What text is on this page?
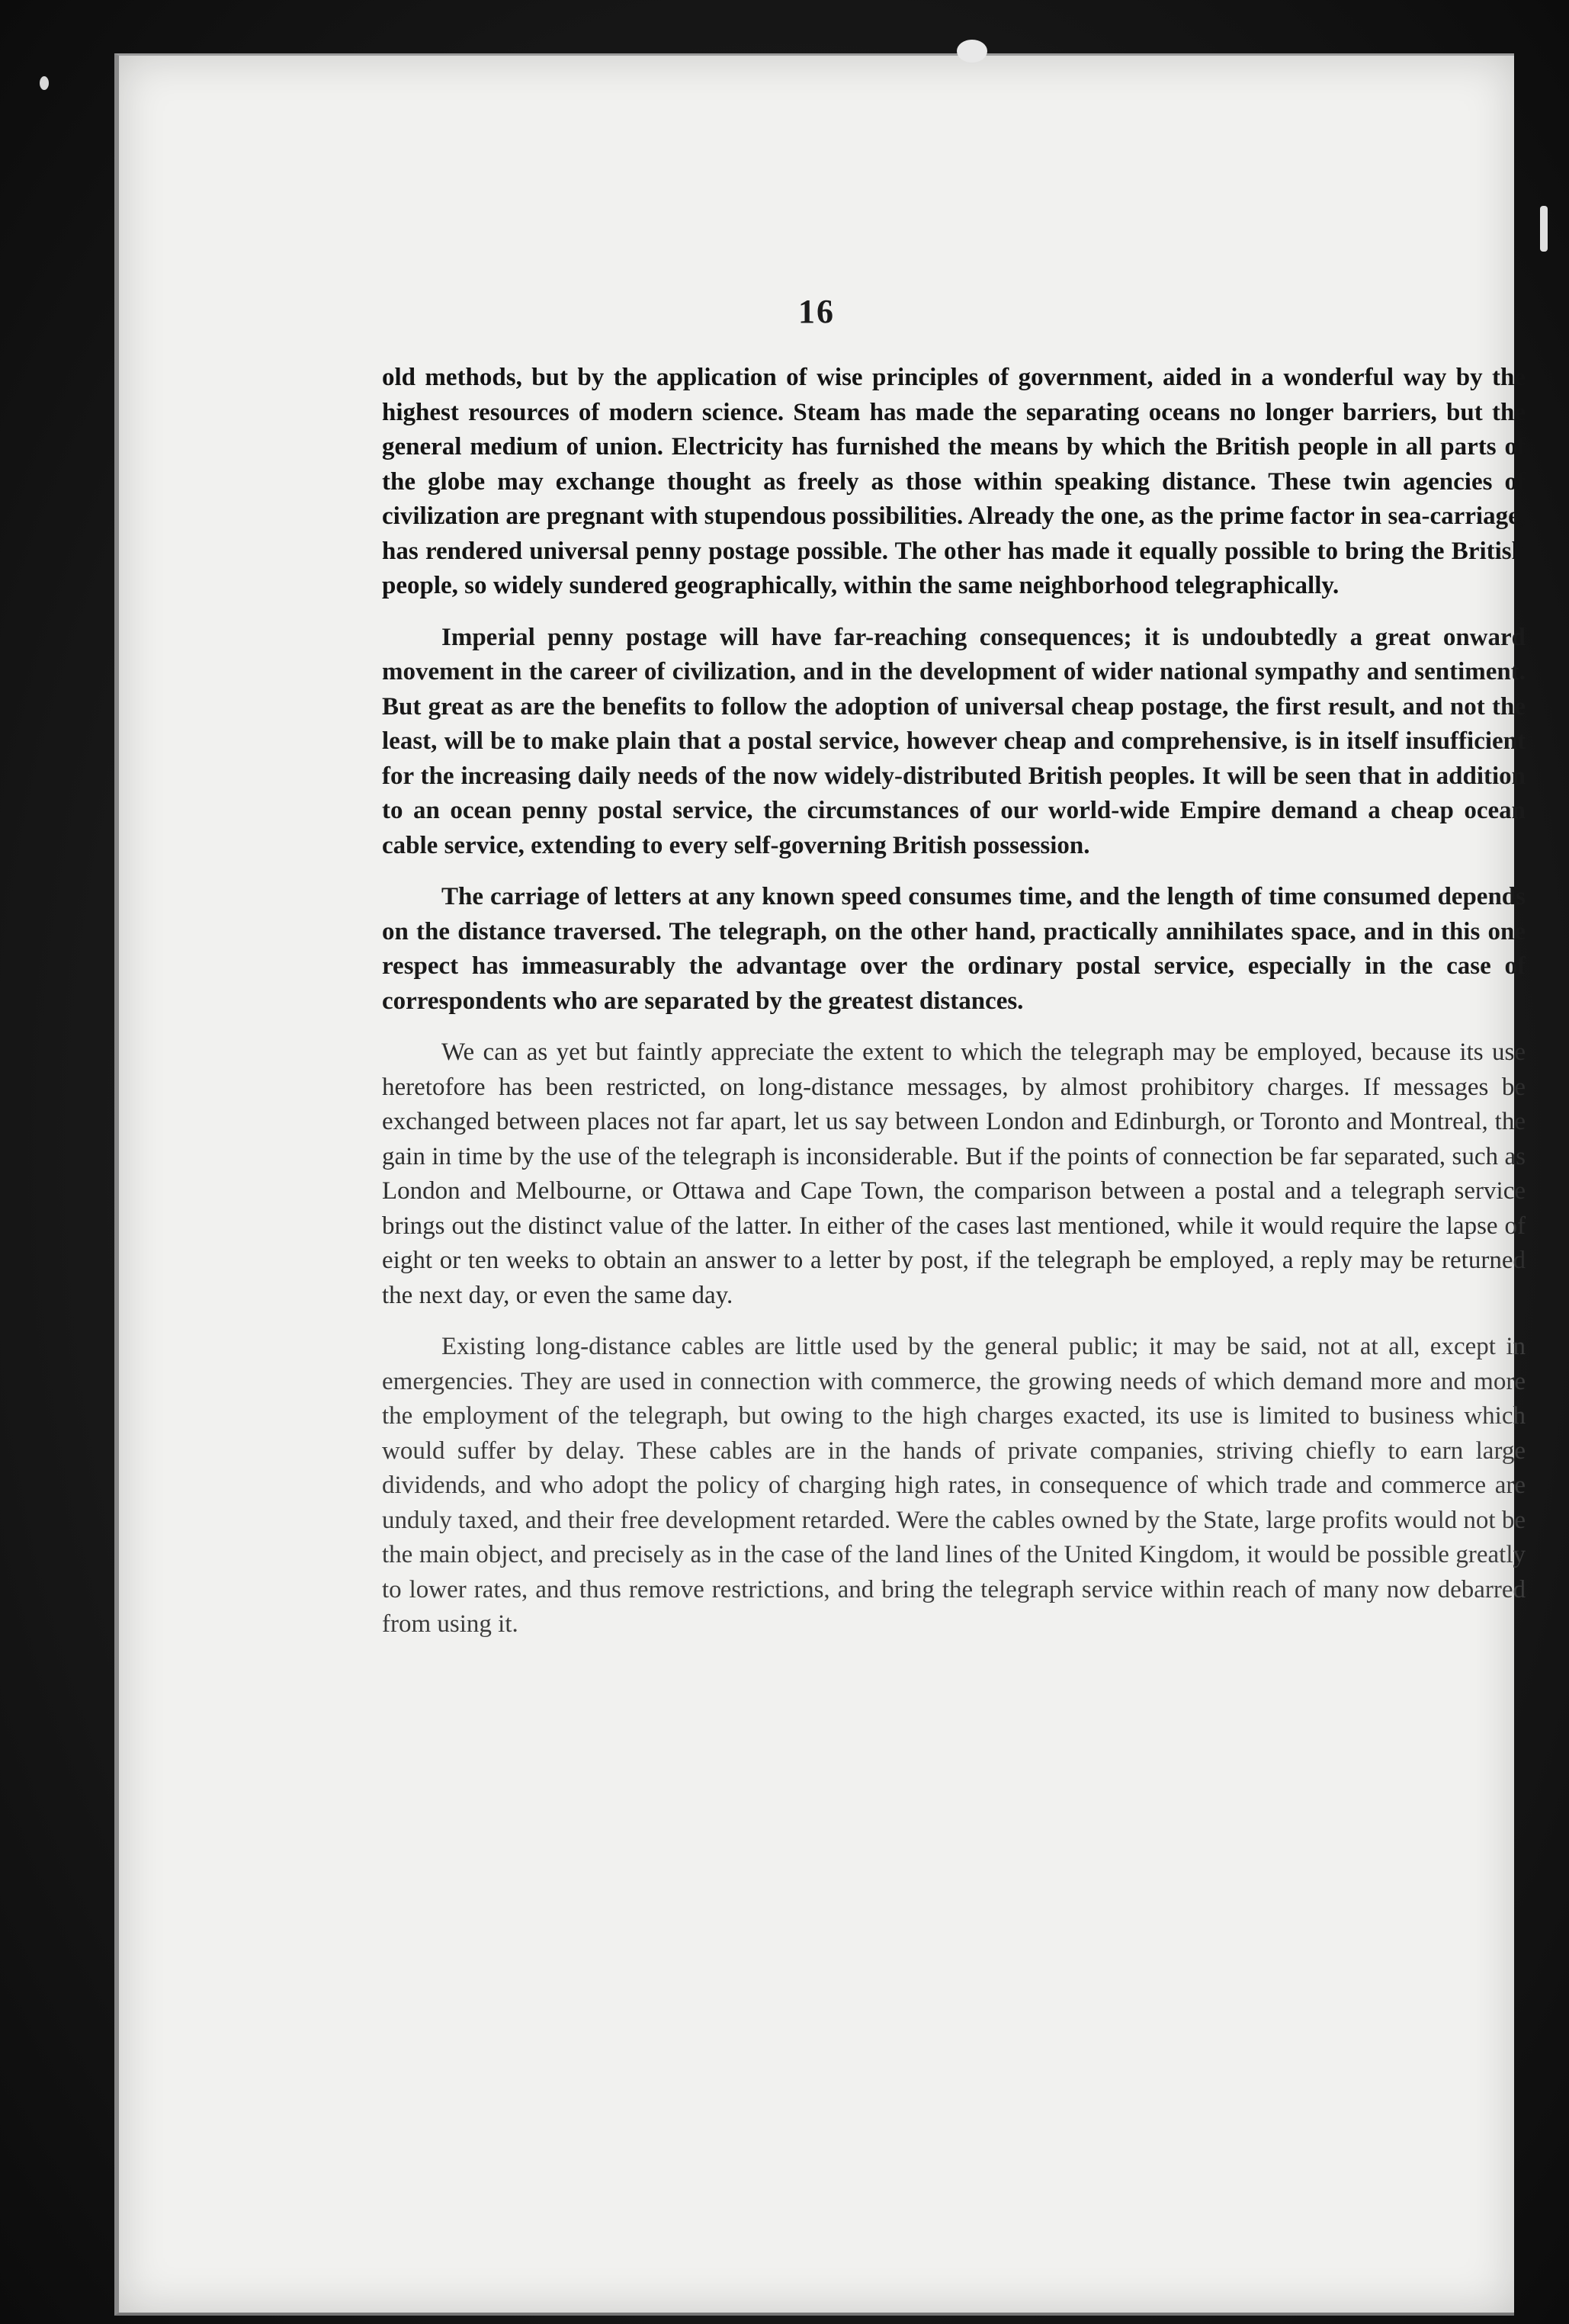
16

old methods, but by the application of wise principles of government, aided in a wonderful way by the highest resources of modern science. Steam has made the separating oceans no longer barriers, but the general medium of union. Electricity has furnished the means by which the British people in all parts of the globe may exchange thought as freely as those within speaking distance. These twin agencies of civilization are pregnant with stupendous possibilities. Already the one, as the prime factor in sea-carriage, has rendered universal penny postage possible. The other has made it equally possible to bring the British people, so widely sundered geographically, within the same neighborhood telegraphically.

Imperial penny postage will have far-reaching consequences; it is undoubtedly a great onward movement in the career of civilization, and in the development of wider national sympathy and sentiment. But great as are the benefits to follow the adoption of universal cheap postage, the first result, and not the least, will be to make plain that a postal service, however cheap and comprehensive, is in itself insufficient for the increasing daily needs of the now widely-distributed British peoples. It will be seen that in addition to an ocean penny postal service, the circumstances of our world-wide Empire demand a cheap ocean cable service, extending to every self-governing British possession.

The carriage of letters at any known speed consumes time, and the length of time consumed depends on the distance traversed. The telegraph, on the other hand, practically annihilates space, and in this one respect has immeasurably the advantage over the ordinary postal service, especially in the case of correspondents who are separated by the greatest distances.

We can as yet but faintly appreciate the extent to which the telegraph may be employed, because its use heretofore has been restricted, on long-distance messages, by almost prohibitory charges. If messages be exchanged between places not far apart, let us say between London and Edinburgh, or Toronto and Montreal, the gain in time by the use of the telegraph is inconsiderable. But if the points of connection be far separated, such as London and Melbourne, or Ottawa and Cape Town, the comparison between a postal and a telegraph service brings out the distinct value of the latter. In either of the cases last mentioned, while it would require the lapse of eight or ten weeks to obtain an answer to a letter by post, if the telegraph be employed, a reply may be returned the next day, or even the same day.

Existing long-distance cables are little used by the general public; it may be said, not at all, except in emergencies. They are used in connection with commerce, the growing needs of which demand more and more the employment of the telegraph, but owing to the high charges exacted, its use is limited to business which would suffer by delay. These cables are in the hands of private companies, striving chiefly to earn large dividends, and who adopt the policy of charging high rates, in consequence of which trade and commerce are unduly taxed, and their free development retarded. Were the cables owned by the State, large profits would not be the main object, and precisely as in the case of the land lines of the United Kingdom, it would be possible greatly to lower rates, and thus remove restrictions, and bring the telegraph service within reach of many now debarred from using it.
